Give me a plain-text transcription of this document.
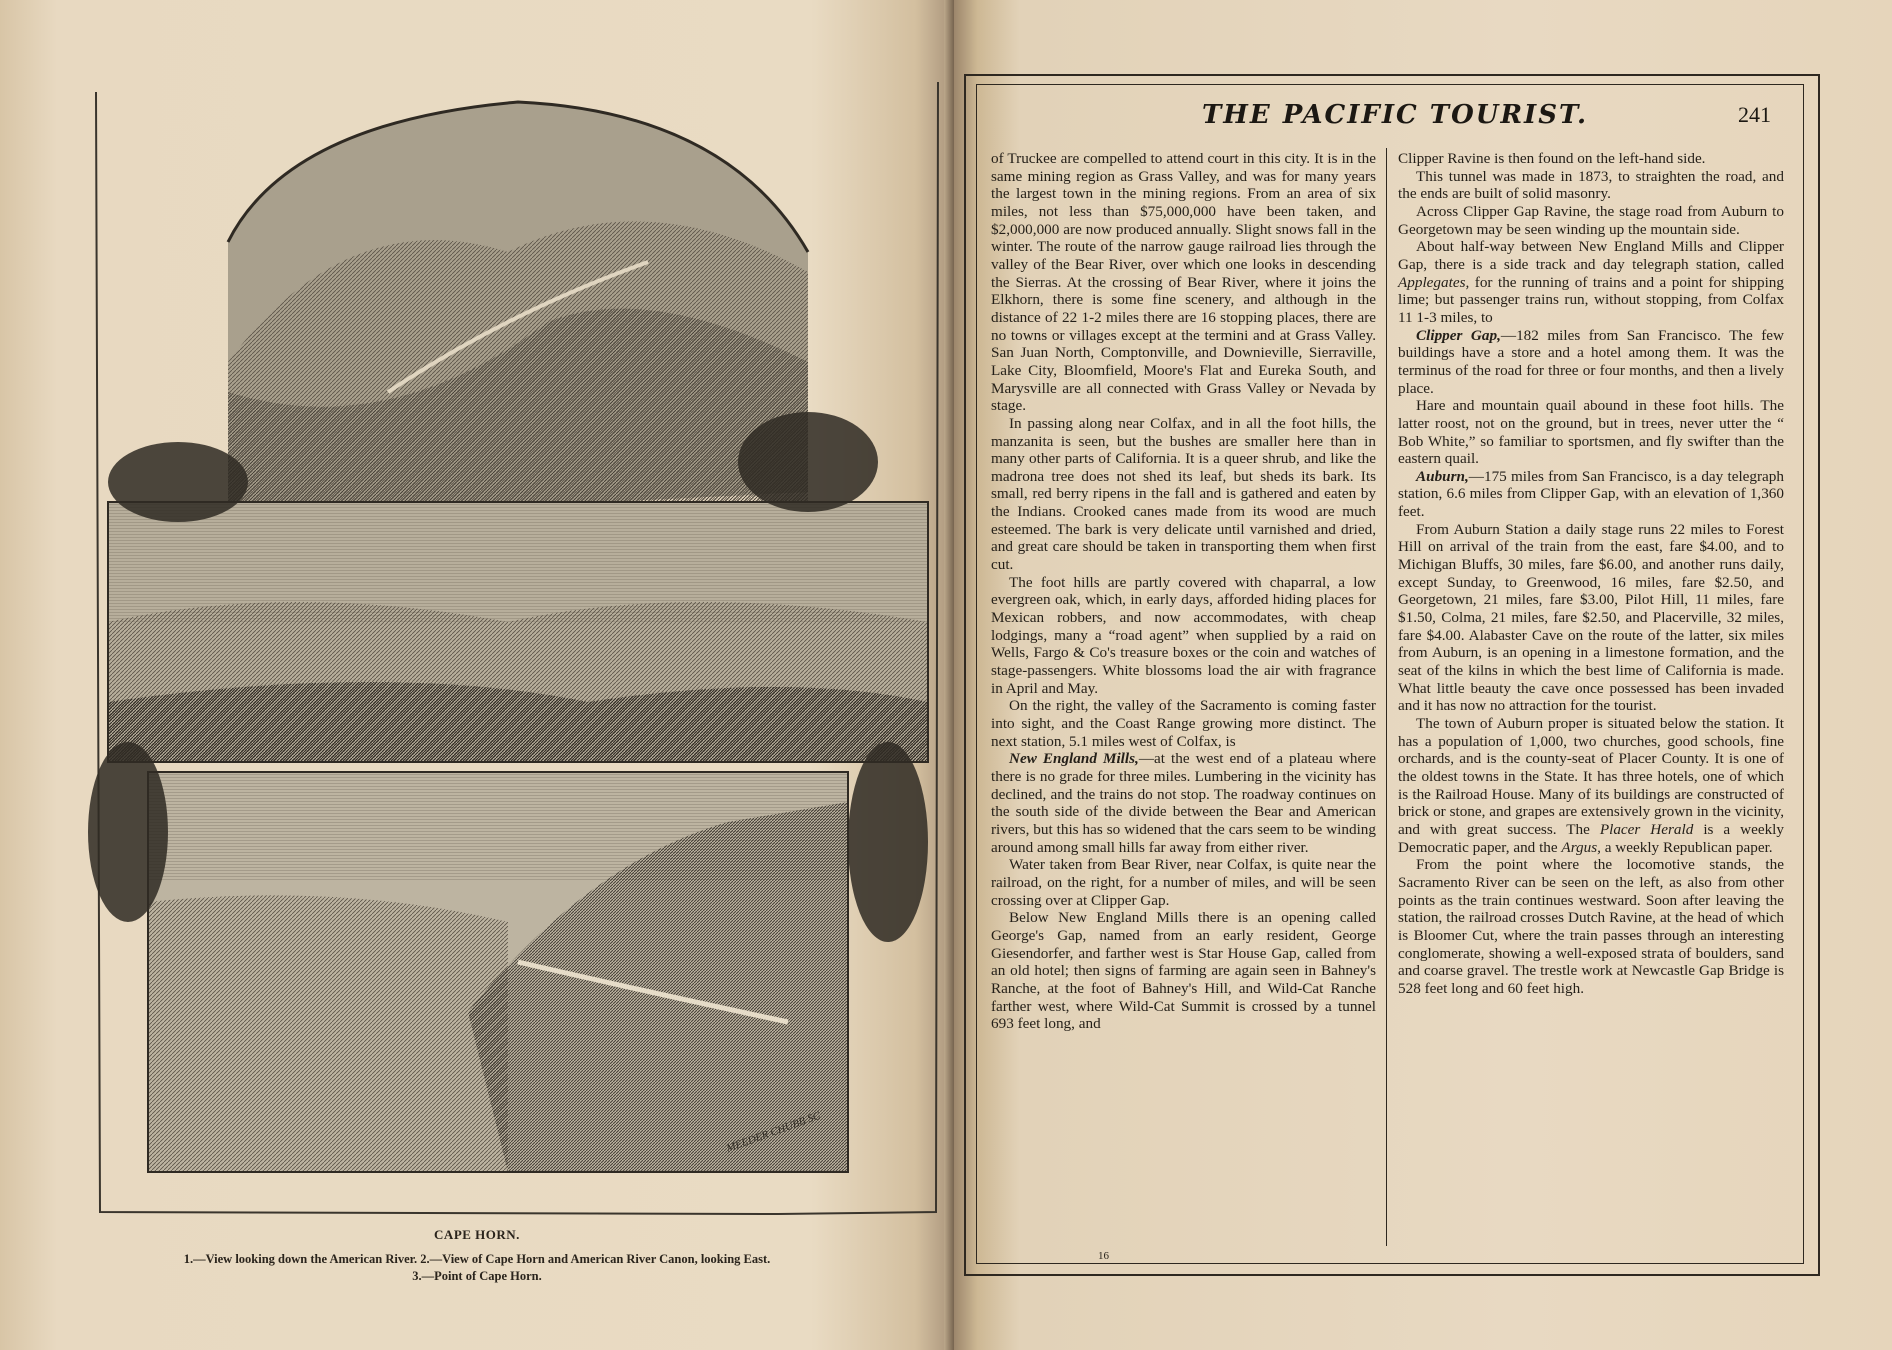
MEEDER CHUBB SC
CAPE HORN.
1.—View looking down the American River. 2.—View of Cape Horn and American River Canon, looking East.
3.—Point of Cape Horn.
THE PACIFIC TOURIST.	241

of Truckee are compelled to attend court in this city. It is in the same mining region as Grass Valley, and was for many years the largest town in the mining regions. From an area of six miles, not less than $75,000,000 have been taken, and $2,000,000 are now produced annually. Slight snows fall in the winter. The route of the narrow gauge railroad lies through the valley of the Bear River, over which one looks in descending the Sierras. At the crossing of Bear River, where it joins the Elkhorn, there is some fine scenery, and although in the distance of 22 1-2 miles there are 16 stopping places, there are no towns or villages except at the termini and at Grass Valley. San Juan North, Comptonville, and Downieville, Sierraville, Lake City, Bloomfield, Moore's Flat and Eureka South, and Marysville are all connected with Grass Valley or Nevada by stage.

In passing along near Colfax, and in all the foot hills, the manzanita is seen, but the bushes are smaller here than in many other parts of California. It is a queer shrub, and like the madrona tree does not shed its leaf, but sheds its bark. Its small, red berry ripens in the fall and is gathered and eaten by the Indians. Crooked canes made from its wood are much esteemed. The bark is very delicate until varnished and dried, and great care should be taken in transporting them when first cut.

The foot hills are partly covered with chaparral, a low evergreen oak, which, in early days, afforded hiding places for Mexican robbers, and now accommodates, with cheap lodgings, many a “road agent” when supplied by a raid on Wells, Fargo & Co's treasure boxes or the coin and watches of stage-passengers. White blossoms load the air with fragrance in April and May.

On the right, the valley of the Sacramento is coming faster into sight, and the Coast Range growing more distinct. The next station, 5.1 miles west of Colfax, is

New England Mills,—at the west end of a plateau where there is no grade for three miles. Lumbering in the vicinity has declined, and the trains do not stop. The roadway continues on the south side of the divide between the Bear and American rivers, but this has so widened that the cars seem to be winding around among small hills far away from either river.

Water taken from Bear River, near Colfax, is quite near the railroad, on the right, for a number of miles, and will be seen crossing over at Clipper Gap.

Below New England Mills there is an opening called George's Gap, named from an early resident, George Giesendorfer, and farther west is Star House Gap, called from an old hotel; then signs of farming are again seen in Bahney's Ranche, at the foot of Bahney's Hill, and Wild-Cat Ranche farther west, where Wild-Cat Summit is crossed by a tunnel 693 feet long, and

Clipper Ravine is then found on the left-hand side.

This tunnel was made in 1873, to straighten the road, and the ends are built of solid masonry.

Across Clipper Gap Ravine, the stage road from Auburn to Georgetown may be seen winding up the mountain side.

About half-way between New England Mills and Clipper Gap, there is a side track and day telegraph station, called Applegates, for the running of trains and a point for shipping lime; but passenger trains run, without stopping, from Colfax 11 1-3 miles, to

Clipper Gap,—182 miles from San Francisco. The few buildings have a store and a hotel among them. It was the terminus of the road for three or four months, and then a lively place.

Hare and mountain quail abound in these foot hills. The latter roost, not on the ground, but in trees, never utter the “ Bob White,” so familiar to sportsmen, and fly swifter than the eastern quail.

Auburn,—175 miles from San Francisco, is a day telegraph station, 6.6 miles from Clipper Gap, with an elevation of 1,360 feet.

From Auburn Station a daily stage runs 22 miles to Forest Hill on arrival of the train from the east, fare $4.00, and to Michigan Bluffs, 30 miles, fare $6.00, and another runs daily, except Sunday, to Greenwood, 16 miles, fare $2.50, and Georgetown, 21 miles, fare $3.00, Pilot Hill, 11 miles, fare $1.50, Colma, 21 miles, fare $2.50, and Placerville, 32 miles, fare $4.00. Alabaster Cave on the route of the latter, six miles from Auburn, is an opening in a limestone formation, and the seat of the kilns in which the best lime of California is made. What little beauty the cave once possessed has been invaded and it has now no attraction for the tourist.

The town of Auburn proper is situated below the station. It has a population of 1,000, two churches, good schools, fine orchards, and is the county-seat of Placer County. It is one of the oldest towns in the State. It has three hotels, one of which is the Railroad House. Many of its buildings are constructed of brick or stone, and grapes are extensively grown in the vicinity, and with great success. The Placer Herald is a weekly Democratic paper, and the Argus, a weekly Republican paper.

From the point where the locomotive stands, the Sacramento River can be seen on the left, as also from other points as the train continues westward. Soon after leaving the station, the railroad crosses Dutch Ravine, at the head of which is Bloomer Cut, where the train passes through an interesting conglomerate, showing a well-exposed strata of boulders, sand and coarse gravel. The trestle work at Newcastle Gap Bridge is 528 feet long and 60 feet high.

16
